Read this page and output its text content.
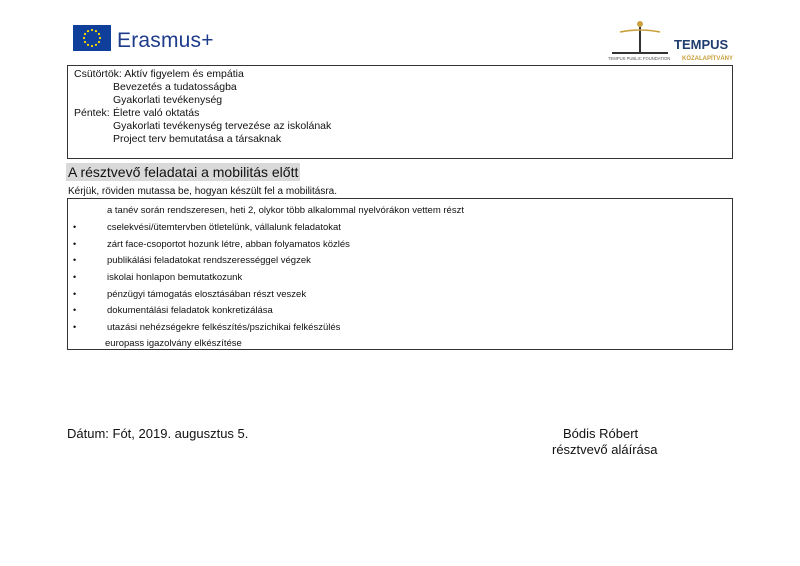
Erasmus+	TEMPUS
TEMPUS PUBLIC FOUNDATION KÖZALAPÍTVÁNY
Csütörtök: Aktív figyelem és empátia
Bevezetés a tudatosságba
Gyakorlati tevékenység
Péntek: Életre való oktatás
Gyakorlati tevékenység tervezése az iskolának
Project terv bemutatása a társaknak
A résztvevő feladatai a mobilitás előtt
Kérjük, röviden mutassa be, hogyan készült fel a mobilitásra.
a tanév során rendszeresen, heti 2, olykor több alkalommal nyelvórákon vettem részt
•	cselekvési/ütemtervben ötletelünk, vállalunk feladatokat
•	zárt face-csoportot hozunk létre, abban folyamatos közlés
•	publikálási feladatokat rendszerességgel végzek
•	iskolai honlapon bemutatkozunk
•	pénzügyi támogatás elosztásában részt veszek
•	dokumentálási feladatok konkretizálása
•	utazási nehézségekre felkészítés/pszichikai felkészülés
europass igazolvány elkészítése
Dátum: Fót, 2019. augusztus 5.	Bódis Róbert
résztvevő aláírása
